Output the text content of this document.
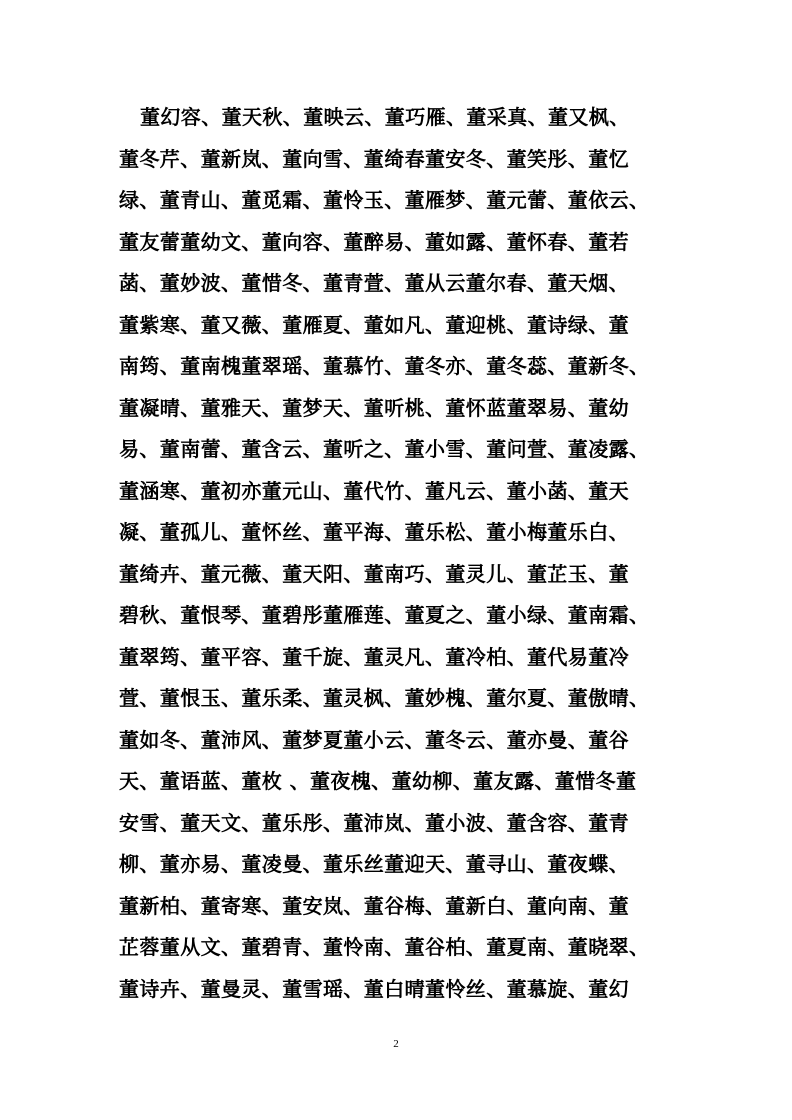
董幻容、董天秋、董映云、董巧雁、董采真、董又枫、
董冬芹、董新岚、董向雪、董绮春董安冬、董笑彤、董忆
绿、董青山、董觅霜、董怜玉、董雁梦、董元蕾、董依云、
董友蕾董幼文、董向容、董醉易、董如露、董怀春、董若
菡、董妙波、董惜冬、董青萱、董从云董尔春、董天烟、
董紫寒、董又薇、董雁夏、董如凡、董迎桃、董诗绿、董
南筠、董南槐董翠瑶、董慕竹、董冬亦、董冬蕊、董新冬、
董凝晴、董雅天、董梦天、董听桃、董怀蓝董翠易、董幼
易、董南蕾、董含云、董听之、董小雪、董问萱、董凌露、
董涵寒、董初亦董元山、董代竹、董凡云、董小菡、董天
凝、董孤儿、董怀丝、董平海、董乐松、董小梅董乐白、
董绮卉、董元薇、董天阳、董南巧、董灵儿、董芷玉、董
碧秋、董恨琴、董碧彤董雁莲、董夏之、董小绿、董南霜、
董翠筠、董平容、董千旋、董灵凡、董冷柏、董代易董冷
萱、董恨玉、董乐柔、董灵枫、董妙槐、董尔夏、董傲晴、
董如冬、董沛风、董梦夏董小云、董冬云、董亦曼、董谷
天、董语蓝、董枚 、董夜槐、董幼柳、董友露、董惜冬董
安雪、董天文、董乐彤、董沛岚、董小波、董含容、董青
柳、董亦易、董凌曼、董乐丝董迎天、董寻山、董夜蝶、
董新柏、董寄寒、董安岚、董谷梅、董新白、董向南、董
芷蓉董从文、董碧青、董怜南、董谷柏、董夏南、董晓翠、
董诗卉、董曼灵、董雪瑶、董白晴董怜丝、董慕旋、董幻
2
